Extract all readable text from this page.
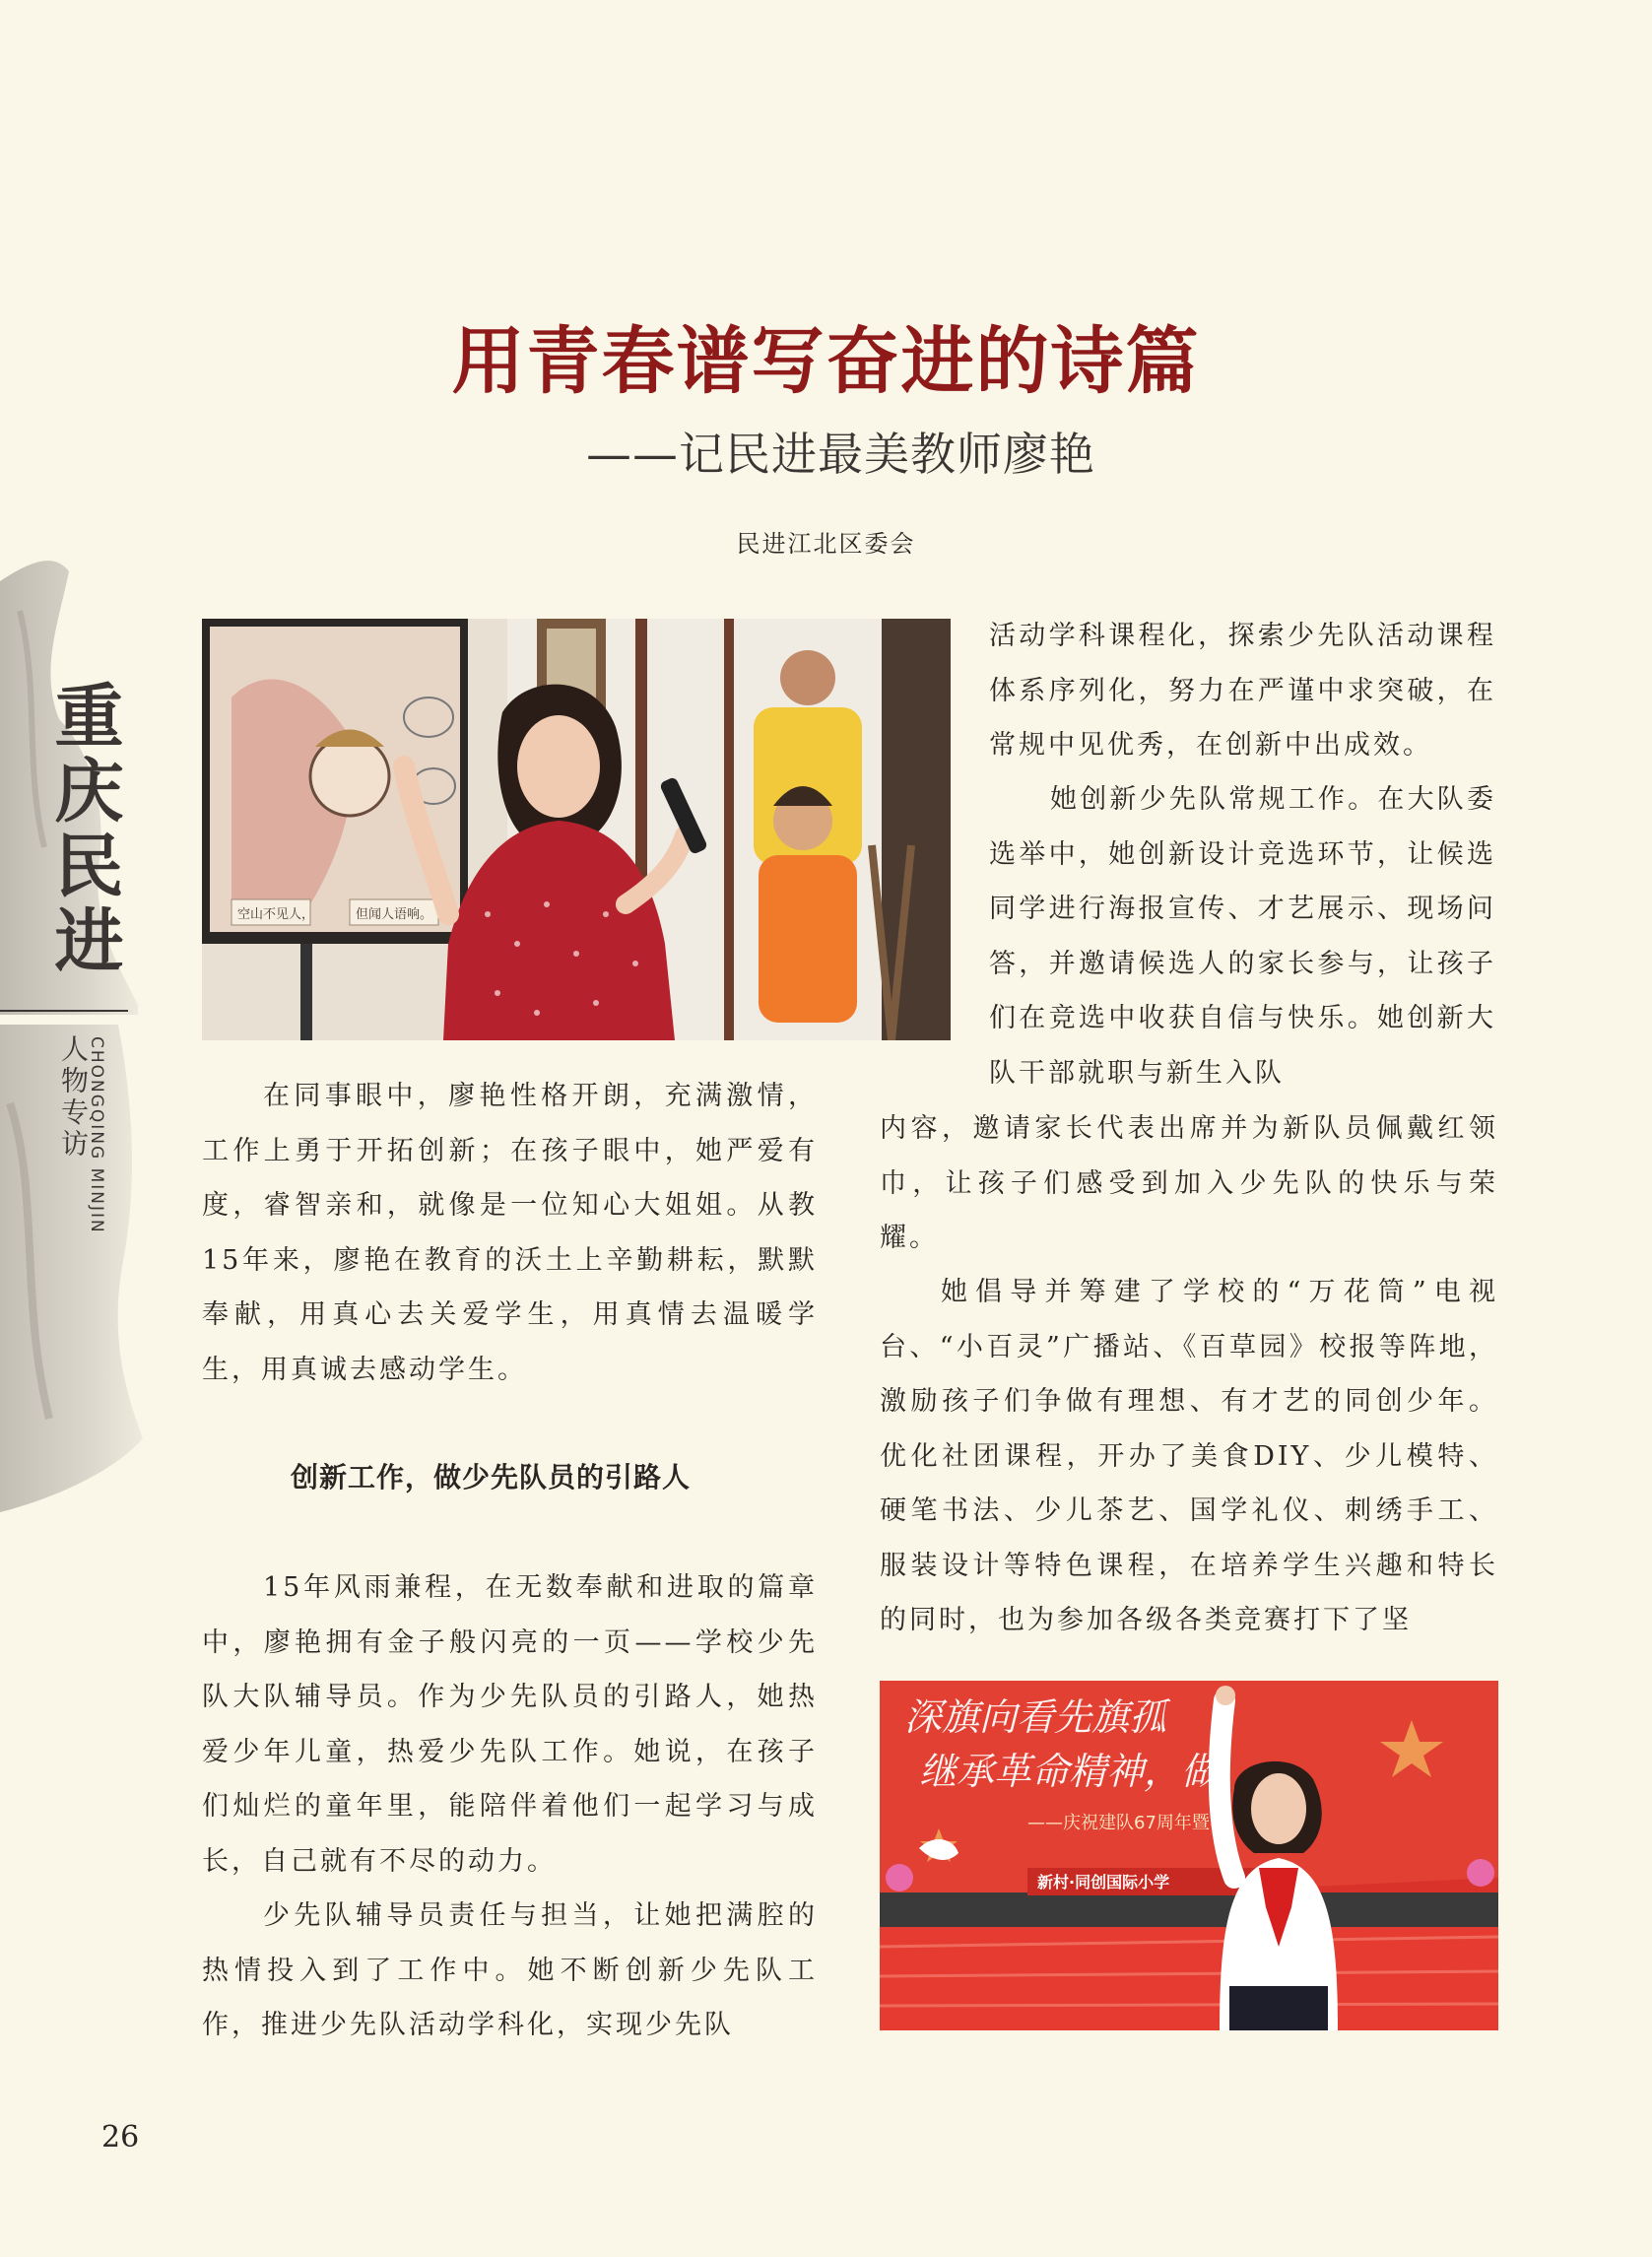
用青春谱写奋进的诗篇
——记民进最美教师廖艳
民进江北区委会
重庆民进
人物专访
CHONGQING MINJIN
空山不见人，	但闻人语响。

活动学科课程化，探索少先队活动课程体系序列化，努力在严谨中求突破，在常规中见优秀，在创新中出成效。

她创新少先队常规工作。在大队委选举中，她创新设计竞选环节，让候选同学进行海报宣传、才艺展示、现场问答，并邀请候选人的家长参与，让孩子们在竞选中收获自信与快乐。她创新大队干部就职与新生入队

内容，邀请家长代表出席并为新队员佩戴红领巾，让孩子们感受到加入少先队的快乐与荣耀。

她倡导并筹建了学校的“万花筒”电视台、“小百灵”广播站、《百草园》校报等阵地，激励孩子们争做有理想、有才艺的同创少年。优化社团课程，开办了美食DIY、少儿模特、硬笔书法、少儿茶艺、国学礼仪、刺绣手工、服装设计等特色课程，在培养学生兴趣和特长的同时，也为参加各级各类竞赛打下了坚

在同事眼中，廖艳性格开朗，充满激情，工作上勇于开拓创新；在孩子眼中，她严爱有度，睿智亲和，就像是一位知心大姐姐。从教15年来，廖艳在教育的沃土上辛勤耕耘，默默奉献，用真心去关爱学生，用真情去温暖学生，用真诚去感动学生。

创新工作，做少先队员的引路人

15年风雨兼程，在无数奉献和进取的篇章中，廖艳拥有金子般闪亮的一页——学校少先队大队辅导员。作为少先队员的引路人，她热爱少年儿童，热爱少先队工作。她说，在孩子们灿烂的童年里，能陪伴着他们一起学习与成长，自己就有不尽的动力。

少先队辅导员责任与担当，让她把满腔的热情投入到了工作中。她不断创新少先队工作，推进少先队活动学科化，实现少先队

深旗向看先旗孤
继承革命精神，做
——庆祝建队67周年暨
新村·同创国际小学
26
